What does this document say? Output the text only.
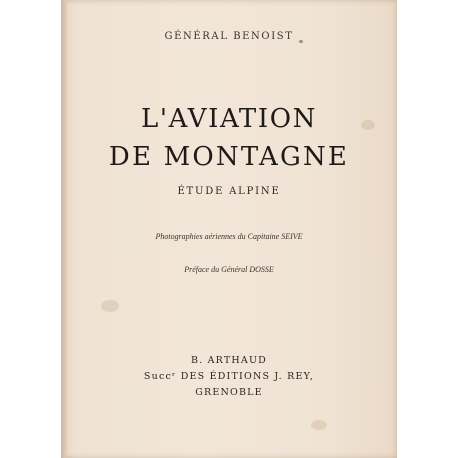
GÉNÉRAL BENOIST
L'AVIATION
DE MONTAGNE
ÉTUDE ALPINE
Photographies aériennes du Capitaine SEIVE
Préface du Général DOSSE
B. ARTHAUD
Succʳ DES ÉDITIONS J. REY,
GRENOBLE
